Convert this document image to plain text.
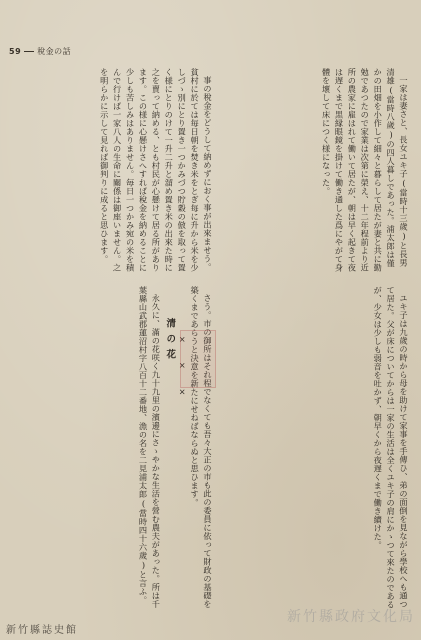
59 稅金の話

事の稅金をどうして納めずにおく事が出來ませう。貧村に於ては毎日朝を焚き米をとぎ每に升から米を少しづゝ別にとり置き一つかみづつ貯穀の倣を取って置く様にとりのけて一升二升と溜め置き米の出來た時に之を賣って納める、とも村民が心懸けて居る所があります。この様に心懸けさへすれば稅金を納めることに少しも苦しみはありません。毎日一つかみ宛の米を積んで行けば一家八人の生命に關係は御座いません。之を明らかに示して見れば御判りに成ると思ひます。	一家は妻さと、長女ユキ子(當時十三歲)と長男清雄(當時八歲)の四人暮しであった。浦太郎は僅かの田畑を小作して細々と暮らして居たが妻と共に勤勉であつたので家業は次第に榮え、十二年程前より近所の農家に雇はれて働いて居たが、朝は早く起きて夜は遅くまで黒縁眼鏡を掛けて働き通した爲にやがて身體を壞して床につく様になった。

さう。市の御所はそれ程でなくても吾々大正の市も此の委員に依って財政の基礎を築くまであらうと決意を新たにせねばならぬと思ひます。

×　×　×

清の花

永久に、滿の花咲く九十九里の濱邊にさゝやかな生活を營む農夫があった。所は千葉縣山武郡蓮沼村字八百十二番地、漁の名を二見浦太郎(當時四十六歲)と言ふ。	ユキ子は九歲の時から母を助けて家事を手傳ひ、弟の面倒を見ながら學校へも通つて居た。父が床についてからは一家の生活は全くユキ子の肩にかゝつて來たのであるが、少女は少しも弱音を吐かず、朝早くから夜遅くまで働き續けた。

新竹縣政府文化局
新竹縣誌史館
